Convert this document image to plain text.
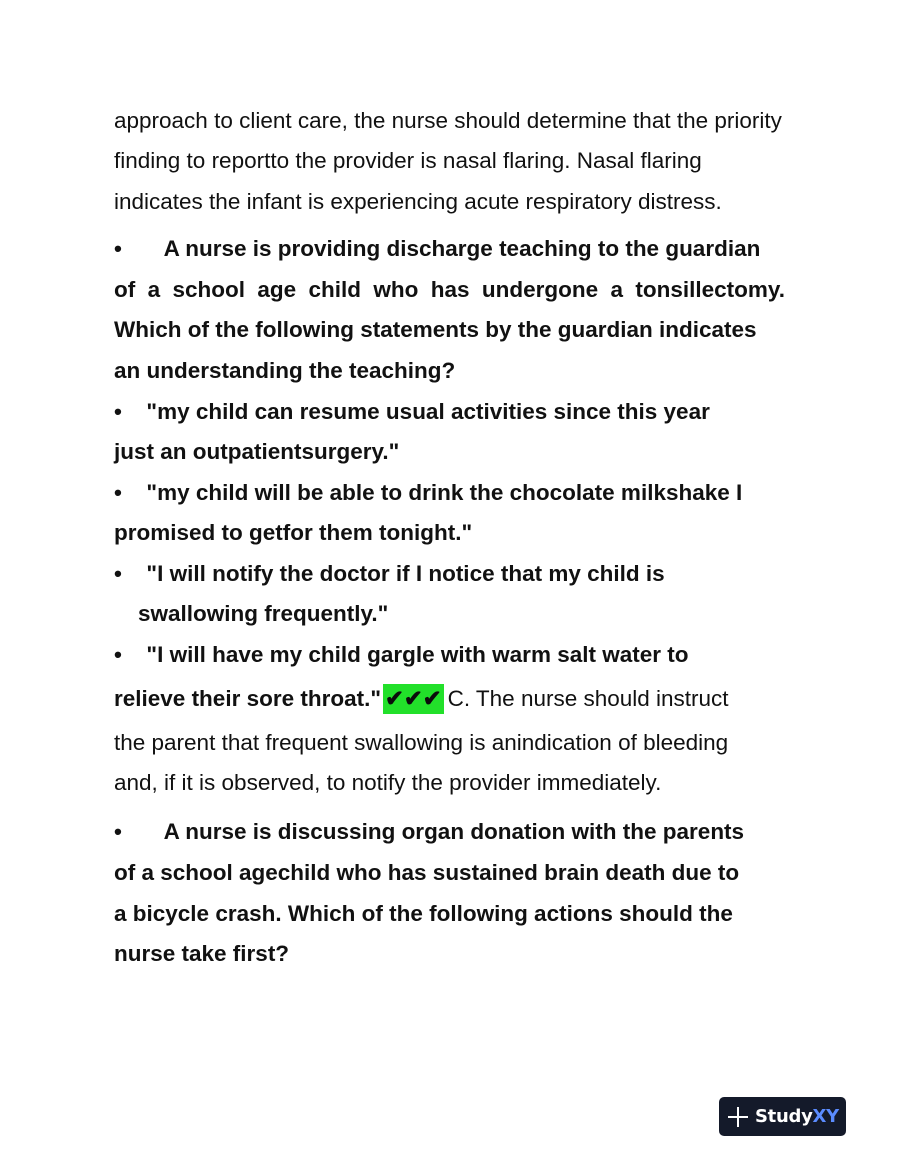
approach to client care, the nurse should determine that the priority
finding to reportto the provider is nasal flaring. Nasal flaring
indicates the infant is experiencing acute respiratory distress.
• A nurse is providing discharge teaching to the guardian
of a school age child who has undergone a tonsillectomy.
Which of the following statements by the guardian indicates
an understanding the teaching?
• "my child can resume usual activities since this year
just an outpatientsurgery."
• "my child will be able to drink the chocolate milkshake I
promised to getfor them tonight."
• "I will notify the doctor if I notice that my child is
swallowing frequently."
• "I will have my child gargle with warm salt water to
relieve their sore throat." ✔✔✔ C. The nurse should instruct
the parent that frequent swallowing is anindication of bleeding
and, if it is observed, to notify the provider immediately.
• A nurse is discussing organ donation with the parents
of a school agechild who has sustained brain death due to
a bicycle crash. Which of the following actions should the
nurse take first?
StudyXY
